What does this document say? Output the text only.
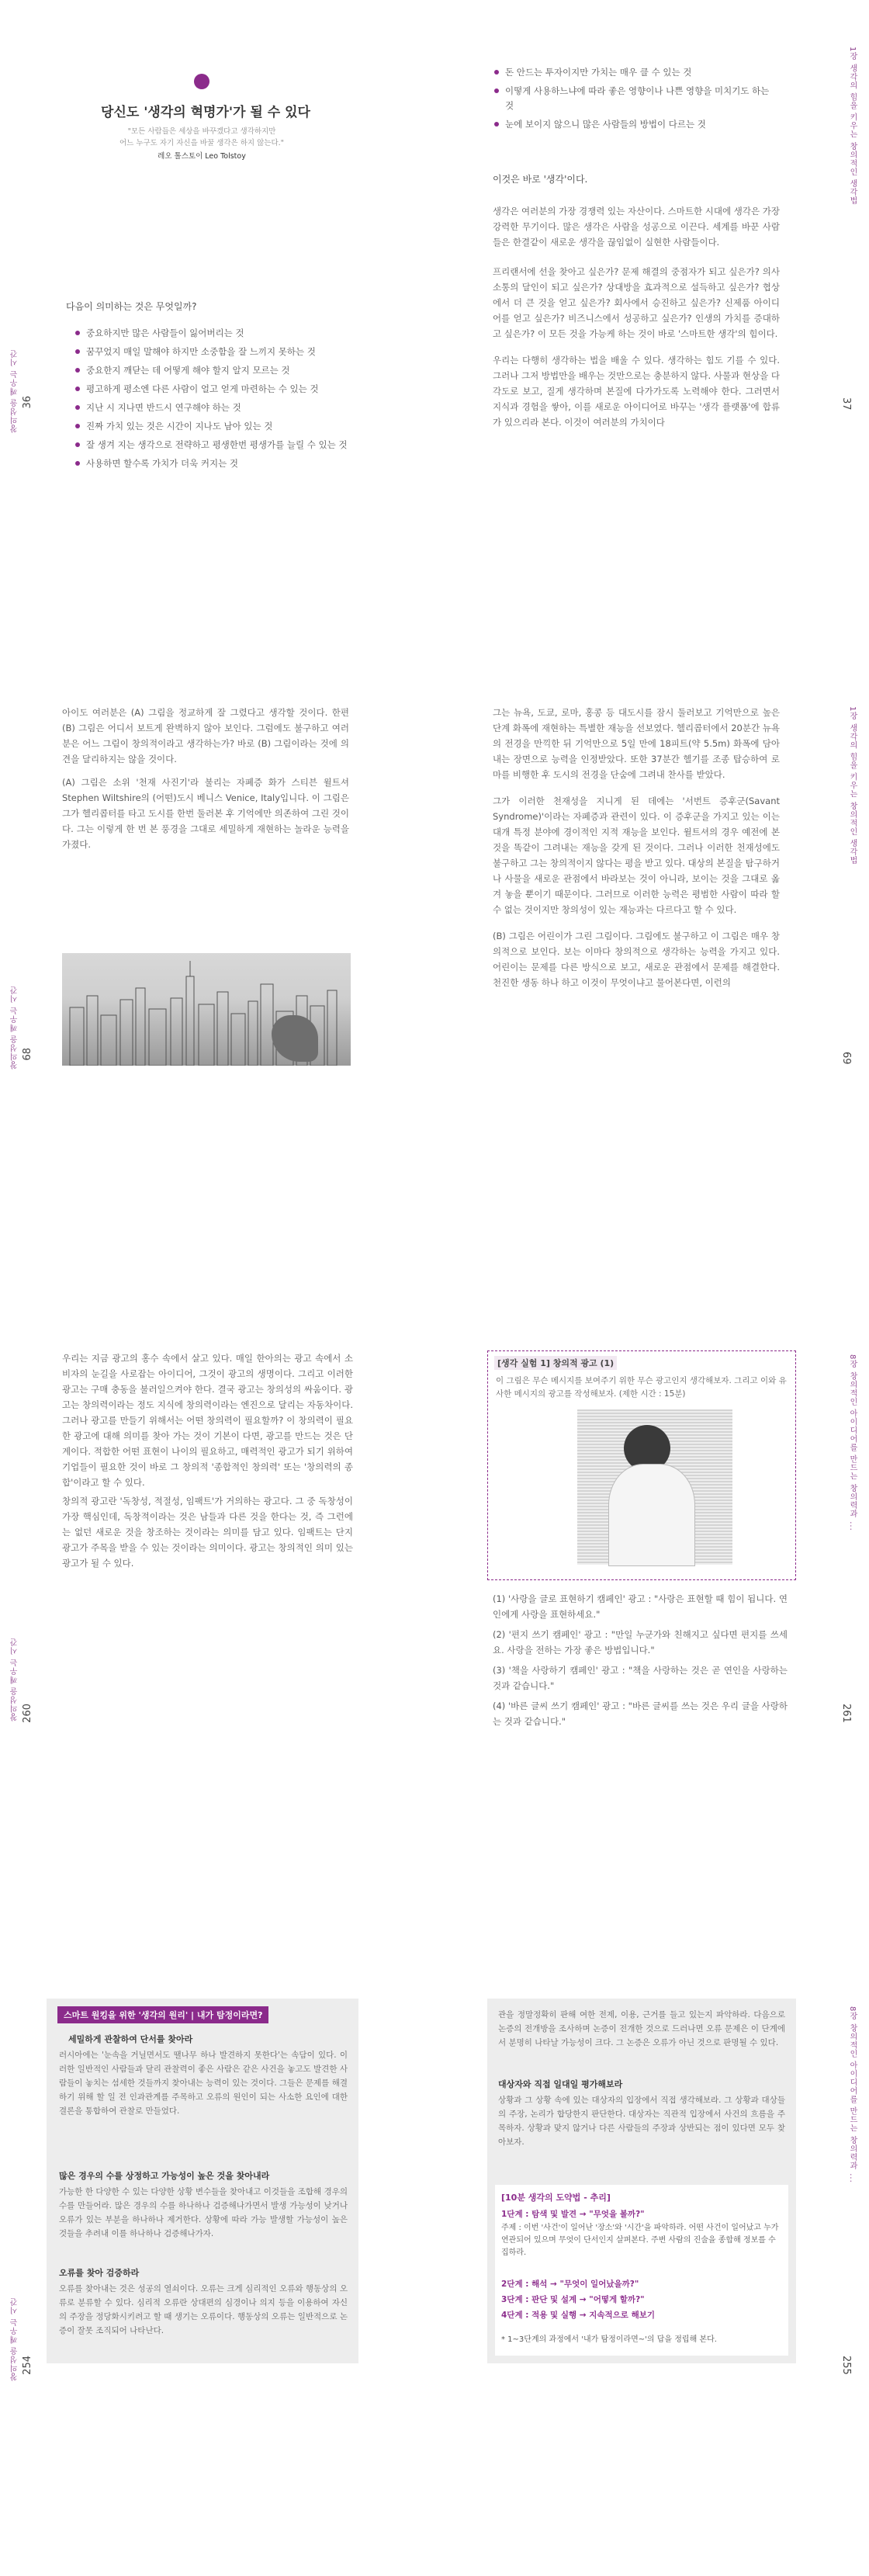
당신도 '생각의 혁명가'가 될 수 있다
"모든 사람들은 세상을 바꾸겠다고 생각하지만
어느 누구도 자기 자신을 바꿀 생각은 하지 않는다."
레오 톨스토이 Leo Tolstoy
다음이 의미하는 것은 무엇일까?
중요하지만 많은 사람들이 잃어버리는 것
꿈꾸었지 매일 말해야 하지만 소중함을 잘 느끼지 못하는 것
중요한지 깨닫는 데 어떻게 해야 할지 알지 모르는 것
평고하게 평소엔 다른 사람이 얼고 얻게 마련하는 수 있는 것
지난 시 지나면 반드시 연구해야 하는 것
진짜 가치 있는 것은 시간이 지나도 남아 있는 것
잘 생겨 지는 생각으로 전략하고 평생한번 평생가를 늘릴 수 있는 것
사용하면 할수록 가치가 더욱 커지는 것
창의성을 깨우는 시간 36
돈 안드는 투자이지만 가치는 매우 클 수 있는 것
이떻게 사용하느냐에 따라 좋은 영향이나 나쁜 영향을 미치기도 하는 것
눈에 보이지 않으니 많은 사람들의 방법이 다르는 것
이것은 바로 '생각'이다.

생각은 여러분의 가장 경쟁력 있는 자산이다. 스마트한 시대에 생각은 가장 강력한 무기이다. 많은 생각은 사람을 성공으로 이끈다. 세계를 바꾼 사람들은 한결같이 새로운 생각을 끊임없이 실현한 사람들이다.

프리랜서에 선을 찾아고 싶은가? 문제 해결의 중점자가 되고 싶은가? 의사소통의 달인이 되고 싶은가? 상대방을 효과적으로 설득하고 싶은가? 협상에서 더 큰 것을 얻고 싶은가? 회사에서 승진하고 싶은가? 신제품 아이디어를 얻고 싶은가? 비즈니스에서 성공하고 싶은가? 인생의 가치를 증대하고 싶은가? 이 모든 것을 가능케 하는 것이 바로 '스마트한 생각'의 힘이다.

우리는 다행히 생각하는 법을 배울 수 있다. 생각하는 힘도 기를 수 있다. 그러나 그저 방법만을 배우는 것만으로는 충분하지 않다. 사물과 현상을 다각도로 보고, 질게 생각하며 본질에 다가가도록 노력해야 한다. 그러면서 지식과 경험을 쌓아, 이를 새로운 아이디어로 바꾸는 '생각 플랫폼'에 합류가 있으리라 본다. 이것이 여러분의 가치이다

1장 생각의 힘을 키우는 창의적인 생각법
37

아이도 여러분은 (A) 그림을 정교하게 잘 그렸다고 생각할 것이다. 한편 (B) 그림은 어디서 보트게 완벽하지 않아 보인다. 그럼에도 불구하고 여러분은 어느 그림이 창의적이라고 생각하는가? 바로 (B) 그림이라는 것에 의견을 달리하지는 않을 것이다.

(A) 그림은 소위 '천재 사진기'라 불리는 자폐증 화가 스티븐 윌트셔 Stephen Wiltshire의 (어떤)도시 베니스 Venice, Italy입니다. 이 그림은 그가 헬리콥터를 타고 도시를 한번 둘러본 후 기억에만 의존하여 그린 것이다. 그는 이렇게 한 번 본 풍경을 그대로 세밀하게 재현하는 놀라운 능력을 가졌다.

창의성을 깨우는 시간 68

그는 뉴욕, 도쿄, 로마, 홍콩 등 대도시를 잠시 둘러보고 기억만으로 높은 단계 화폭에 재현하는 특별한 재능을 선보였다. 헬리콥터에서 20분간 뉴욕의 전경을 만끽한 뒤 기억만으로 5일 만에 18피트(약 5.5m) 화폭에 담아내는 장면으로 능력을 인정받았다. 또한 37분간 헬기를 조종 탑승하여 로마를 비행한 후 도시의 전경을 단숨에 그려내 찬사를 받았다.

그가 이러한 천재성을 지니게 된 데에는 '서번트 증후군(Savant Syndrome)'이라는 자폐증과 관련이 있다. 이 증후군을 가지고 있는 이는 대개 특정 분야에 경이적인 지적 재능을 보인다. 윌트셔의 경우 예전에 본 것을 똑같이 그려내는 재능을 갖게 된 것이다. 그러나 이러한 천재성에도 불구하고 그는 창의적이지 않다는 평을 받고 있다. 대상의 본질을 탐구하거나 사물을 새로운 관점에서 바라보는 것이 아니라, 보이는 것을 그대로 옮겨 놓을 뿐이기 때문이다. 그러므로 이러한 능력은 평범한 사람이 따라 할 수 없는 것이지만 창의성이 있는 재능과는 다르다고 할 수 있다.

(B) 그림은 어린이가 그린 그림이다. 그림에도 불구하고 이 그림은 매우 창의적으로 보인다. 보는 이마다 창의적으로 생각하는 능력을 가지고 있다. 어린이는 문제를 다른 방식으로 보고, 새로운 관점에서 문제를 해결한다. 천진한 생동 하나 하고 이것이 무엇이냐고 물어본다면, 이런의

1장 생각의 힘을 키우는 창의적인 생각법
69

우리는 지금 광고의 홍수 속에서 살고 있다. 매일 한아의는 광고 속에서 소비자의 눈길을 사로잡는 아이디어, 그것이 광고의 생명이다. 그리고 이러한 광고는 구매 충동을 불러일으켜야 한다. 결국 광고는 창의성의 싸움이다. 광고는 창의력이라는 정도 지식에 창의력이라는 엔진으로 달리는 자동차이다. 그러나 광고를 만들기 위해서는 어떤 창의력이 필요할까? 이 창의력이 필요한 광고에 대해 의미를 찾아 가는 것이 기본이 다면, 광고를 만드는 것은 단계이다. 적합한 어떤 표현이 나이의 필요하고, 매력적인 광고가 되기 위하여 기업들이 필요한 것이 바로 그 창의적 '종합적인 창의력' 또는 '창의력의 종합'이라고 할 수 있다.

창의적 광고란 '독창성, 적절성, 임팩트'가 거의하는 광고다. 그 중 독창성이 가장 핵심인데, 독창적이라는 것은 남들과 다른 것을 한다는 것, 즉 그런에는 없던 새로운 것을 창조하는 것이라는 의미를 담고 있다. 임팩트는 단지 광고가 주목을 받을 수 있는 것이라는 의미이다. 광고는 창의적인 의미 있는 광고가 될 수 있다.

창의성을 깨우는 시간 260
[생각 실험 1] 창의적 광고 (1)
이 그림은 무슨 메시지를 보여주기 위한 무슨 광고인지 생각해보자. 그리고 이와 유사한 메시지의 광고를 작성해보자. (제한 시간 : 15분)

(1) '사랑을 글로 표현하기 캠페인' 광고 : "사랑은 표현할 때 힘이 됩니다. 연인에게 사랑을 표현하세요."

(2) '편지 쓰기 캠페인' 광고 : "만일 누군가와 친해지고 싶다면 편지를 쓰세요. 사랑을 전하는 가장 좋은 방법입니다."

(3) '책을 사랑하기 캠페인' 광고 : "책을 사랑하는 것은 곧 연인을 사랑하는 것과 같습니다."

(4) '바른 글씨 쓰기 캠페인' 광고 : "바른 글씨를 쓰는 것은 우리 글을 사랑하는 것과 같습니다."

8장 창의적인 아이디어를 만드는 창의력과 ...
261
스마트 원킹을 위한 '생각의 원리' | 내가 탐정이라면?
세밀하게 관찰하여 단서를 찾아라
러시아에는 '눈속을 거닐면서도 땔나무 하나 발견하지 못한다'는 속담이 있다. 이러한 일반적인 사람들과 달리 관찰력이 좋은 사람은 같은 사건을 놓고도 발견한 사람들이 놓치는 섬세한 것들까지 찾아내는 능력이 있는 것이다. 그들은 문제를 해결하기 위해 할 일 전 인과관계를 주목하고 오류의 원인이 되는 사소한 요인에 대한 결론을 통합하여 관찰로 만들었다.
많은 경우의 수를 상정하고 가능성이 높은 것을 찾아내라
가능한 한 다양한 수 있는 다양한 상황 변수들을 찾아내고 이것들을 조합해 경우의 수를 만들어라. 많은 경우의 수를 하나하나 검증해나가면서 발생 가능성이 낮거나 오류가 있는 부분을 하나하나 제거한다. 상황에 따라 가능 발생할 가능성이 높은 것들을 추려내 이를 하나하나 검증해나가자.
오류를 찾아 검증하라
오류를 찾아내는 것은 성공의 열쇠이다. 오류는 크게 심리적인 오류와 행동상의 오류로 분류할 수 있다. 심리적 오류란 상대편의 심경이나 의지 등을 이용하여 자신의 주장을 정당화시키려고 할 때 생기는 오류이다. 행동상의 오류는 일반적으로 논증이 잘못 조직되어 나타난다.
창의성을 깨우는 시간 254
관을 정말정확히 판해 여한 전제, 이용, 근거를 들고 있는지 파악하라. 다음으로 논증의 전개방을 조사하며 논증이 전개한 것으로 드러나면 오류 문제은 이 단계에서 분명히 나타날 가능성이 크다. 그 논증은 오류가 아닌 것으로 판명될 수 있다.
대상자와 직접 일대일 평가해보라
상황과 그 상황 속에 있는 대상자의 입장에서 직접 생각해보라. 그 상황과 대상들의 주장, 논리가 합당한지 판단한다. 대상자는 직관적 입장에서 사건의 흐름을 주목하자. 상황과 맞지 않거나 다른 사람들의 주장과 상반되는 점이 있다면 모두 찾아보자.
[10분 생각의 도약법 - 추리]
1단계 : 탐색 및 발견 → "무엇을 볼까?"
주제 : 이번 '사건'이 일어난 '장소'와 '시간'을 파악하라. 어떤 사건이 일어났고 누가 연관되어 있으며 무엇이 단서인지 살펴본다. 주변 사람의 진술을 종합해 정보를 수집하라.
2단계 : 해석 → "무엇이 일어났을까?"
3단계 : 판단 및 설계 → "어떻게 할까?"
4단계 : 적용 및 실행 → 지속적으로 해보기
* 1~3단계의 과정에서 '내가 탐정이라면~'의 답을 정립해 본다.
8장 창의적인 아이디어를 만드는 창의력과 ...
255
